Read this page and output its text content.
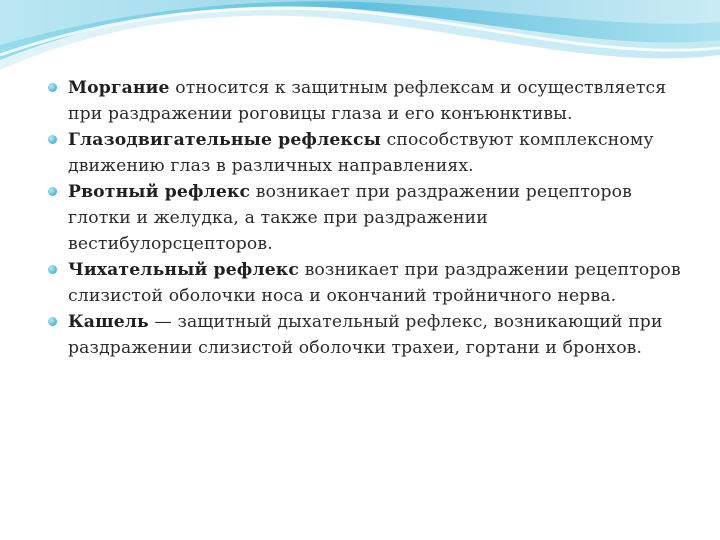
Моргание относится к защитным рефлексам и осуществляется при раздражении роговицы глаза и его конъюнктивы.
Глазодвигательные рефлексы способствуют комплексному движению глаз в различных направлениях.
Рвотный рефлекс возникает при раздражении рецепторов глотки и желудка, а также при раздражении вестибулорсцепторов.
Чихательный рефлекс возникает при раздражении рецепторов слизистой оболочки носа и окончаний тройничного нерва.
Кашель — защитный дыхательный рефлекс, возникающий при раздражении слизистой оболочки трахеи, гортани и бронхов.
